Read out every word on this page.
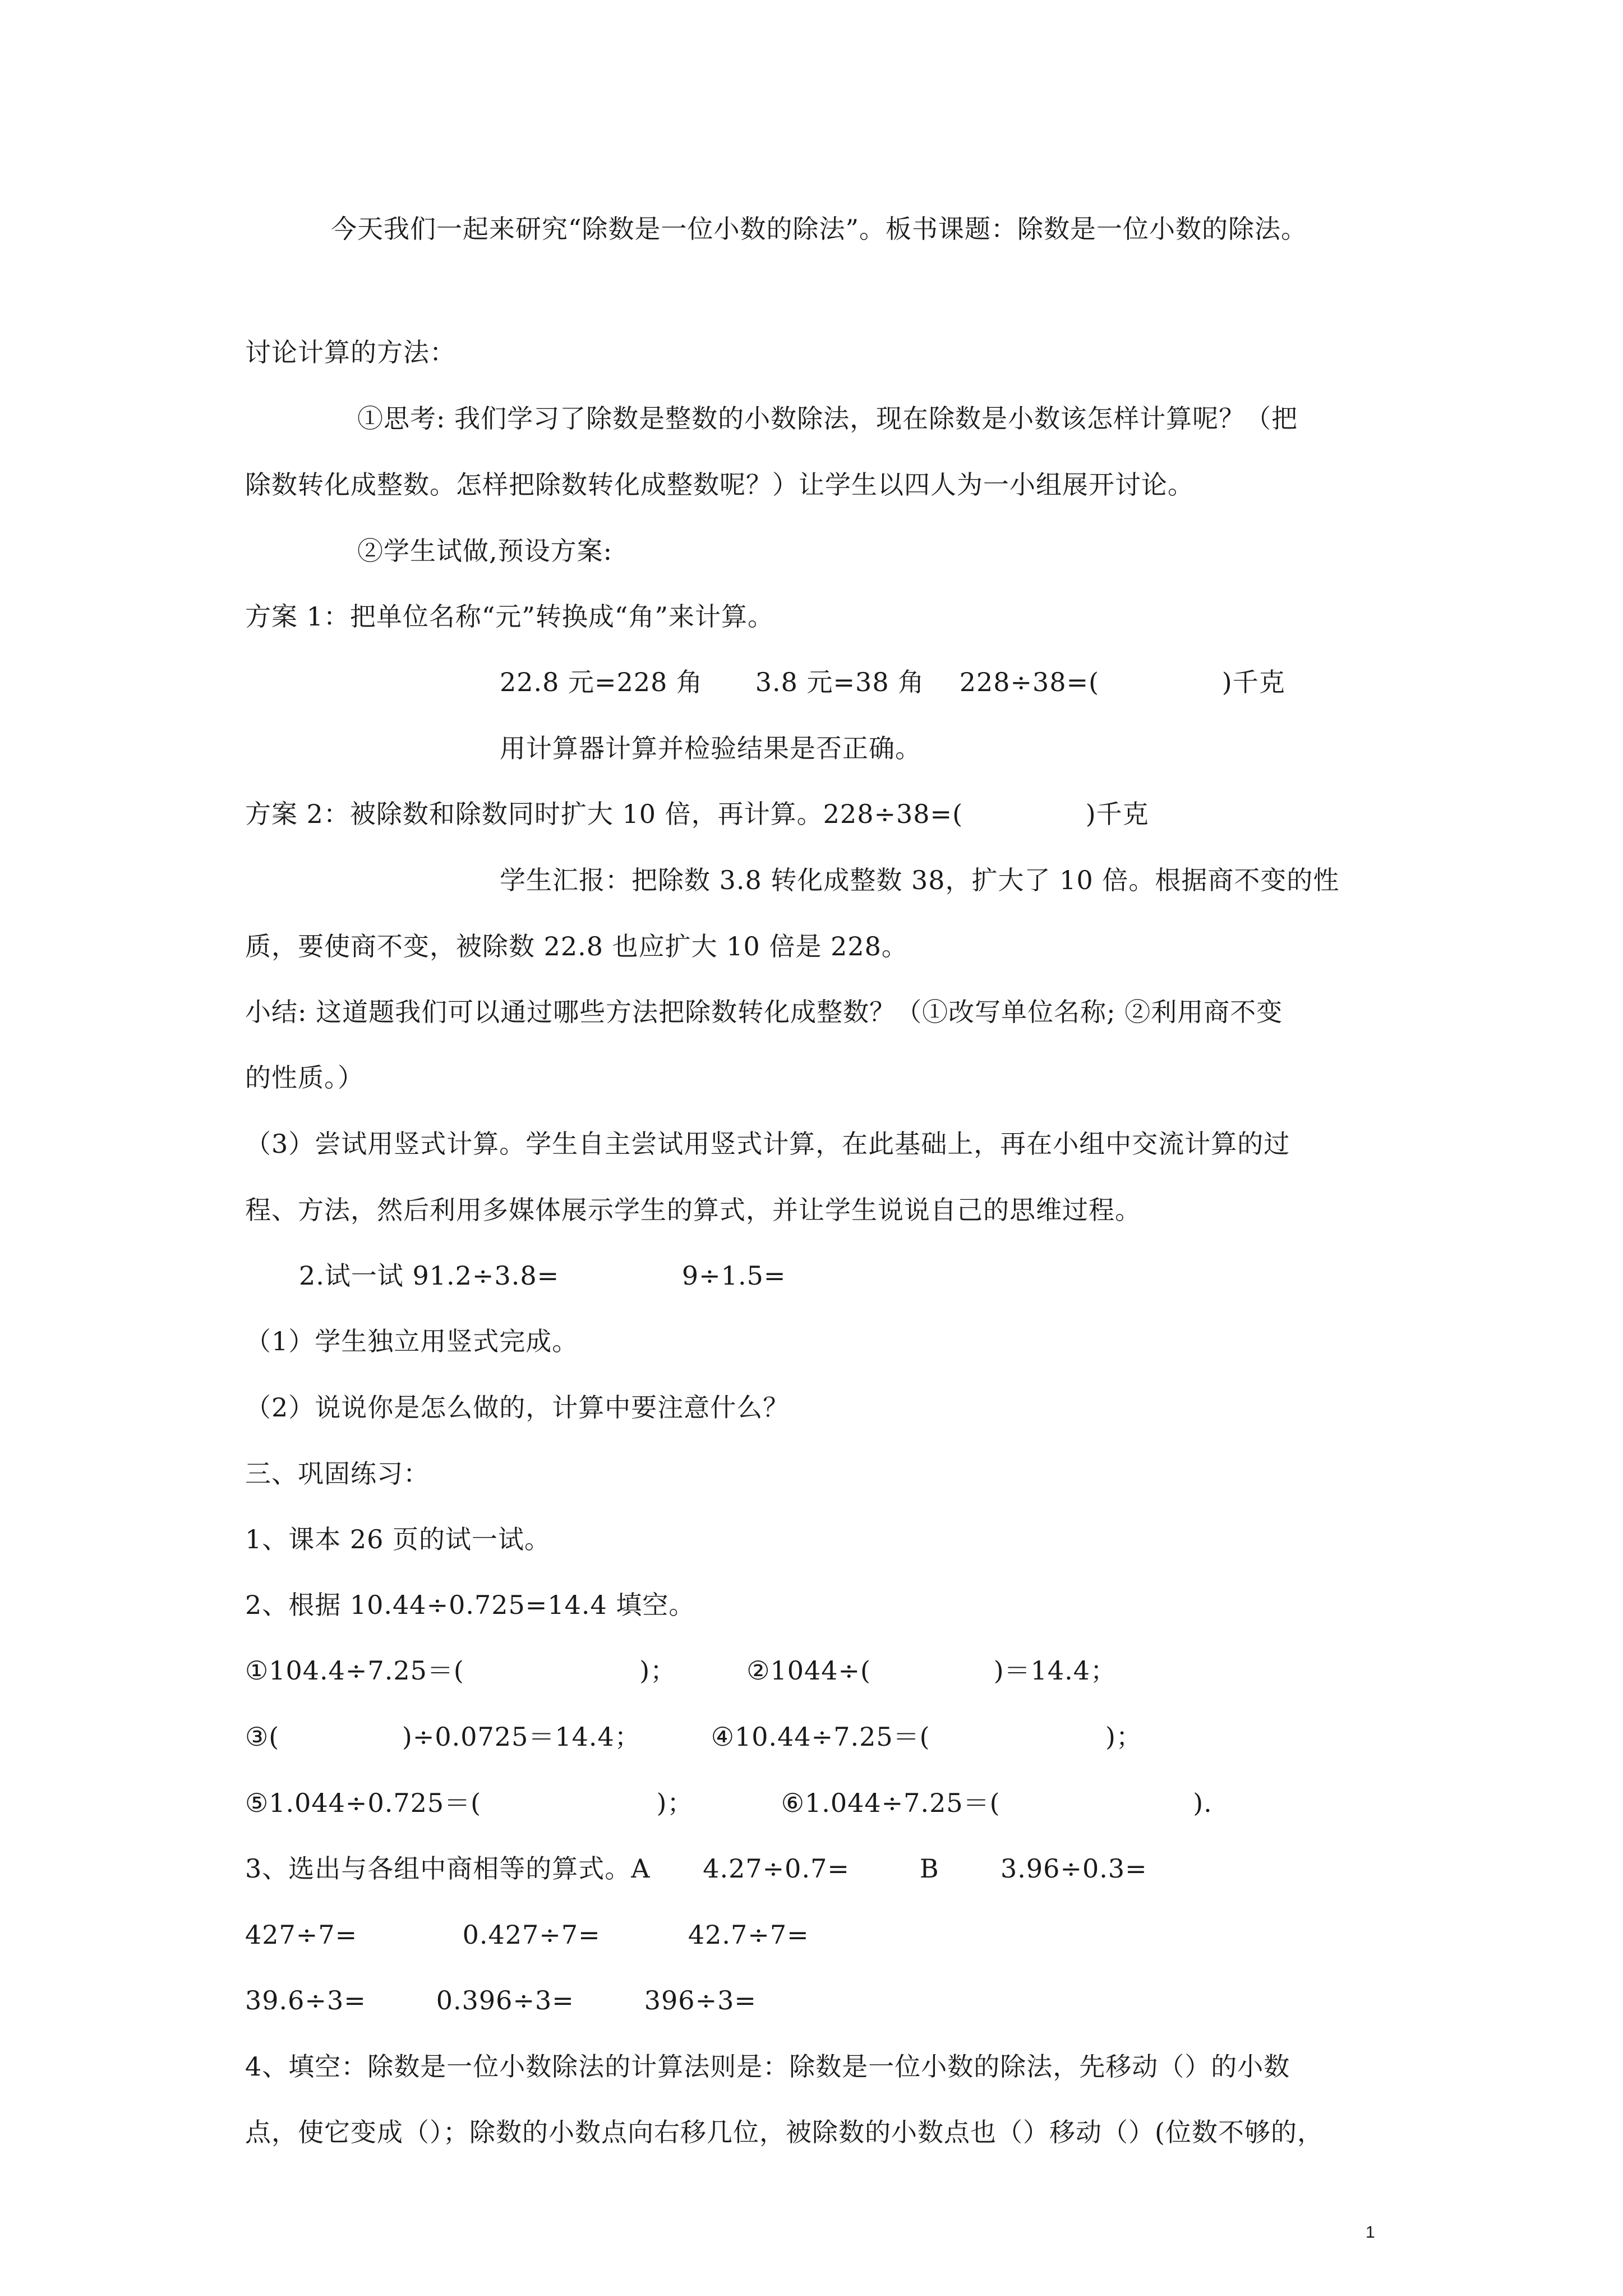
今天我们一起来研究“除数是一位小数的除法”。板书课题：除数是一位小数的除法。
讨论计算的方法：
①思考: 我们学习了除数是整数的小数除法，现在除数是小数该怎样计算呢？（把
除数转化成整数。怎样把除数转化成整数呢？）让学生以四人为一小组展开讨论。
②学生试做,预设方案:
方案 1：把单位名称“元”转换成“角”来计算。
22.8 元=228 角      3.8 元=38 角    228÷38=(              )千克
用计算器计算并检验结果是否正确。
方案 2：被除数和除数同时扩大 10 倍，再计算。228÷38=(              )千克
学生汇报：把除数 3.8 转化成整数 38，扩大了 10 倍。根据商不变的性
质，要使商不变，被除数 22.8 也应扩大 10 倍是 228。
小结: 这道题我们可以通过哪些方法把除数转化成整数？（①改写单位名称; ②利用商不变
的性质。）
（3）尝试用竖式计算。学生自主尝试用竖式计算，在此基础上，再在小组中交流计算的过
程、方法，然后利用多媒体展示学生的算式，并让学生说说自己的思维过程。
2.试一试 91.2÷3.8=              9÷1.5=
（1）学生独立用竖式完成。
（2）说说你是怎么做的，计算中要注意什么？
三、巩固练习：
1、课本 26 页的试一试。
2、根据 10.44÷0.725=14.4 填空。
①104.4÷7.25＝(                    )；        ②1044÷(              )＝14.4；
③(              )÷0.0725＝14.4；        ④10.44÷7.25＝(                    )；
⑤1.044÷0.725＝(                    )；          ⑥1.044÷7.25＝(                      ).
3、选出与各组中商相等的算式。A      4.27÷0.7=        B       3.96÷0.3=
427÷7=            0.427÷7=          42.7÷7=
39.6÷3=        0.396÷3=        396÷3=
4、填空：除数是一位小数除法的计算法则是：除数是一位小数的除法，先移动（）的小数
点，使它变成（）；除数的小数点向右移几位，被除数的小数点也（）移动（）(位数不够的，
1
